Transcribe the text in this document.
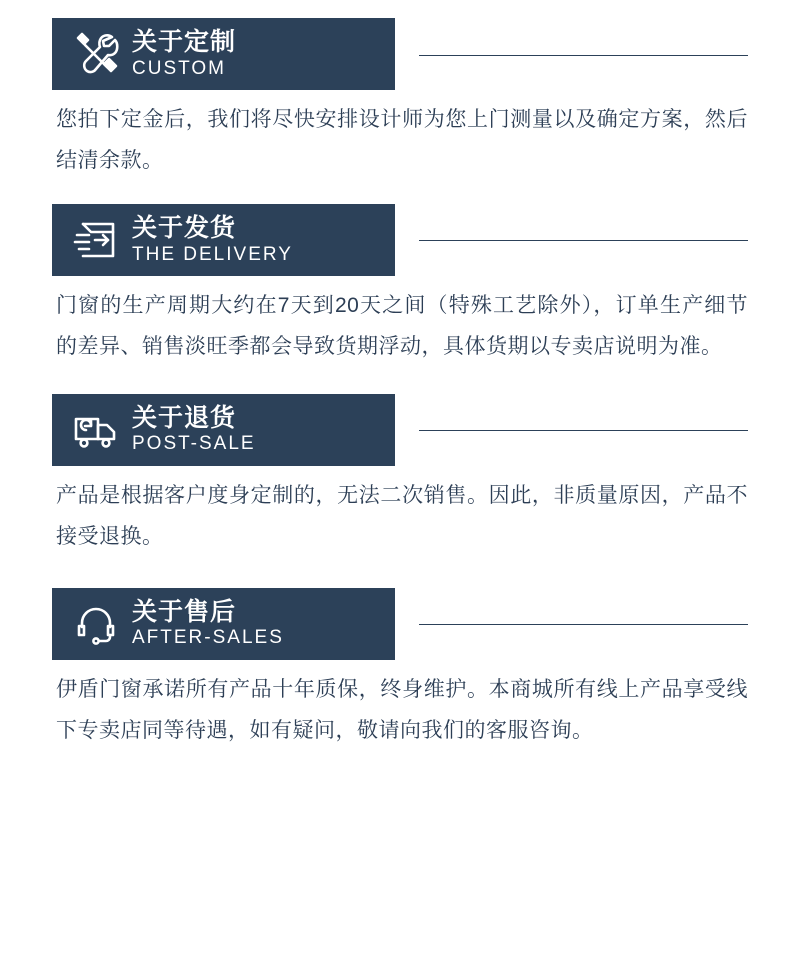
关于定制
CUSTOM

您拍下定金后，我们将尽快安排设计师为您上门测量以及确定方案，然后结清余款。

关于发货
THE DELIVERY

门窗的生产周期大约在7天到20天之间（特殊工艺除外），订单生产细节的差异、销售淡旺季都会导致货期浮动，具体货期以专卖店说明为准。

关于退货
POST-SALE

产品是根据客户度身定制的，无法二次销售。因此，非质量原因，产品不接受退换。

关于售后
AFTER-SALES

伊盾门窗承诺所有产品十年质保，终身维护。本商城所有线上产品享受线下专卖店同等待遇，如有疑问，敬请向我们的客服咨询。
